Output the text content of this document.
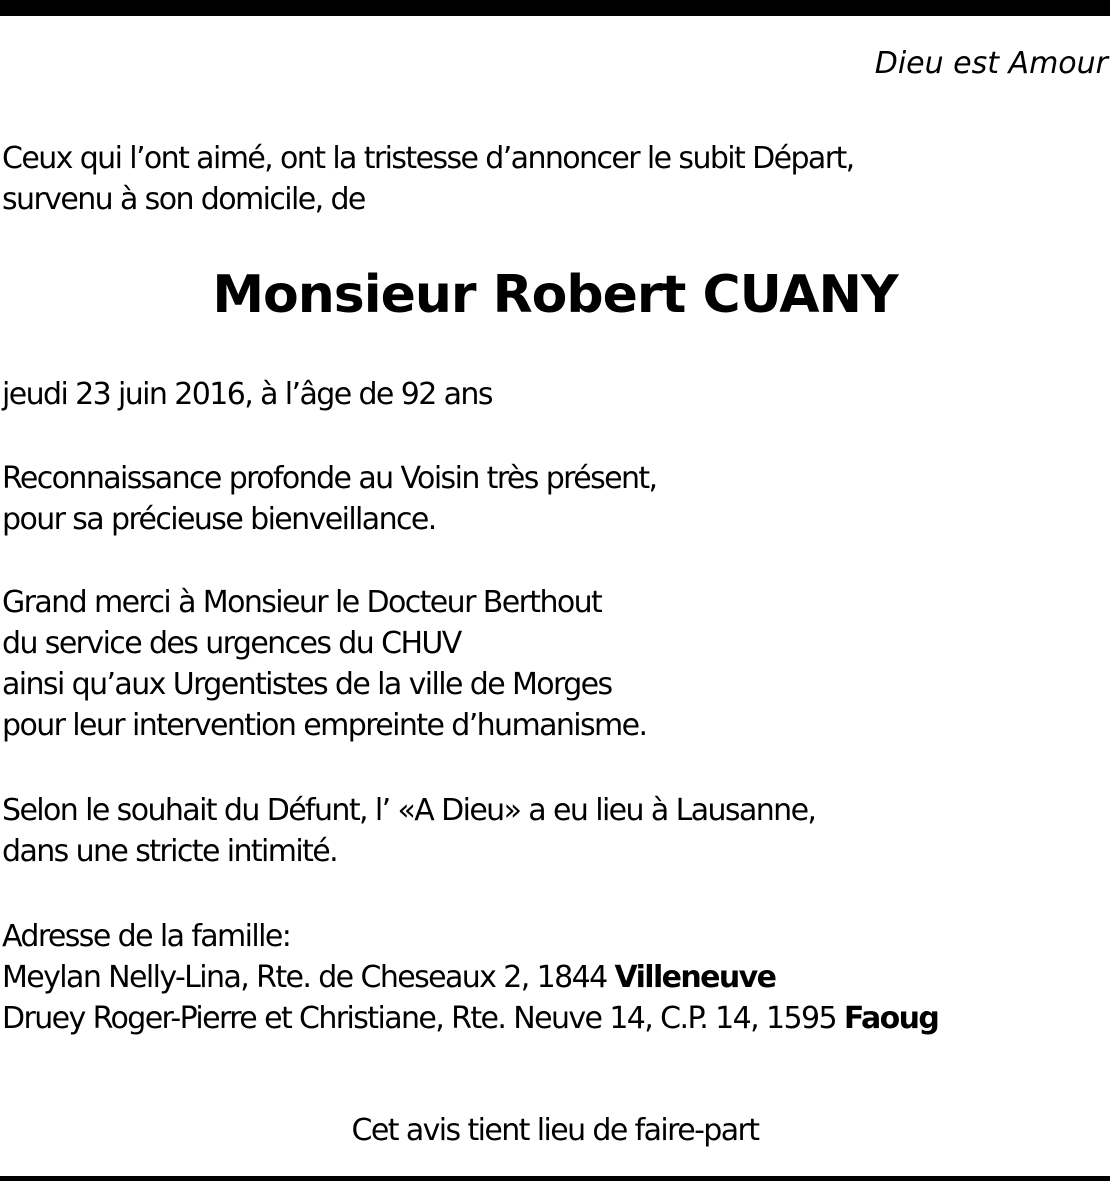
Dieu est Amour
Ceux qui l’ont aimé, ont la tristesse d’annoncer le subit Départ,
survenu à son domicile, de
Monsieur Robert CUANY
jeudi 23 juin 2016, à l’âge de 92 ans
Reconnaissance profonde au Voisin très présent,
pour sa précieuse bienveillance.
Grand merci à Monsieur le Docteur Berthout
du service des urgences du CHUV
ainsi qu’aux Urgentistes de la ville de Morges
pour leur intervention empreinte d’humanisme.
Selon le souhait du Défunt, l’ «A Dieu» a eu lieu à Lausanne,
dans une stricte intimité.
Adresse de la famille:
Meylan Nelly-Lina, Rte. de Cheseaux 2, 1844 Villeneuve
Druey Roger-Pierre et Christiane, Rte. Neuve 14, C.P. 14, 1595 Faoug
Cet avis tient lieu de faire-part
